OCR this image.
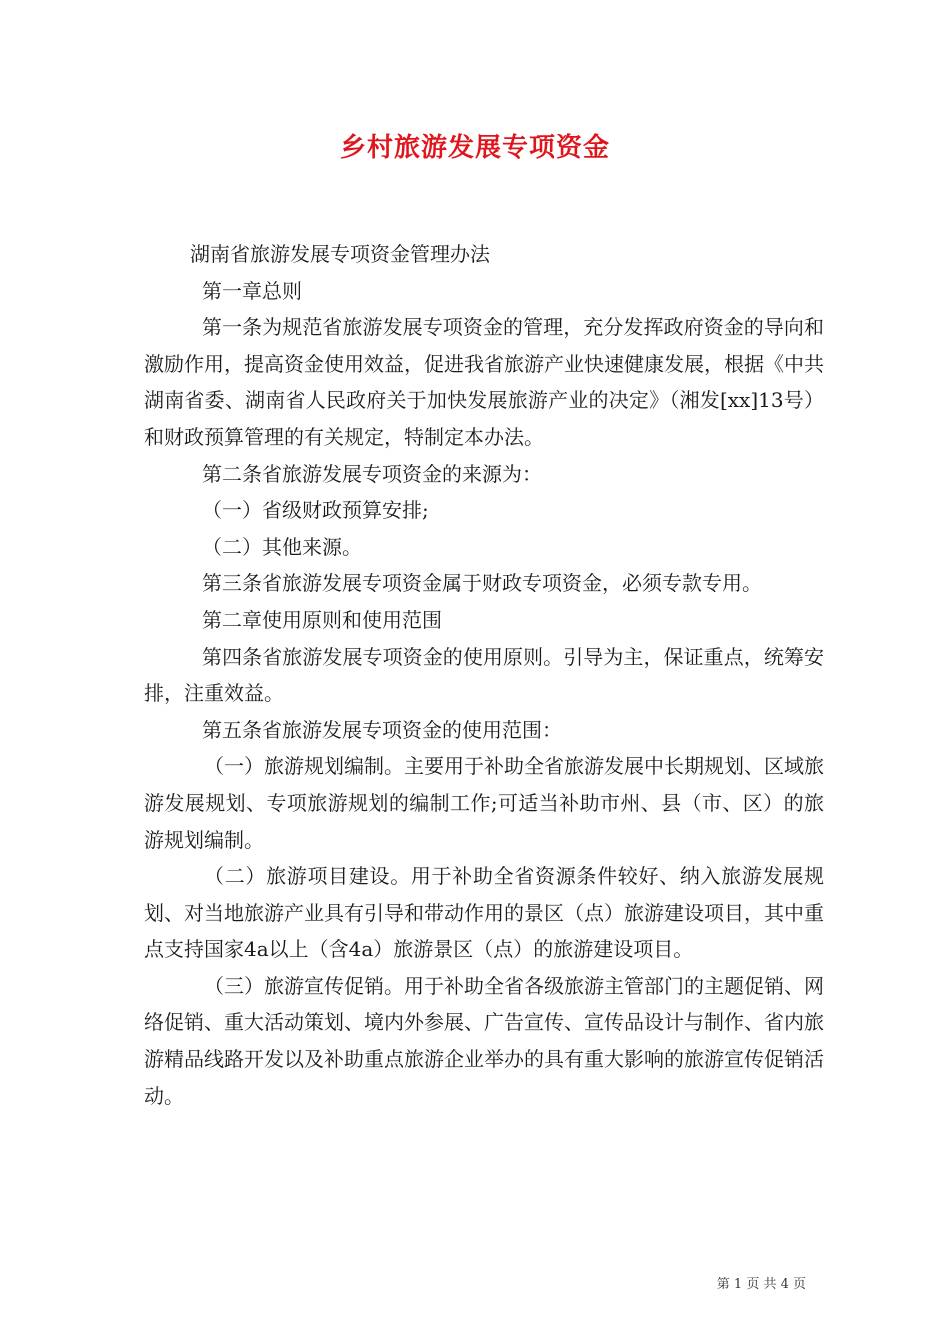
乡村旅游发展专项资金

湖南省旅游发展专项资金管理办法

第一章总则

第一条为规范省旅游发展专项资金的管理，充分发挥政府资金的导向和激励作用，提高资金使用效益，促进我省旅游产业快速健康发展，根据《中共湖南省委、湖南省人民政府关于加快发展旅游产业的决定》（湘发[xx]13号）和财政预算管理的有关规定，特制定本办法。

第二条省旅游发展专项资金的来源为：

（一）省级财政预算安排;

（二）其他来源。

第三条省旅游发展专项资金属于财政专项资金，必须专款专用。

第二章使用原则和使用范围

第四条省旅游发展专项资金的使用原则。引导为主，保证重点，统筹安排，注重效益。

第五条省旅游发展专项资金的使用范围：

（一）旅游规划编制。主要用于补助全省旅游发展中长期规划、区域旅游发展规划、专项旅游规划的编制工作;可适当补助市州、县（市、区）的旅游规划编制。

（二）旅游项目建设。用于补助全省资源条件较好、纳入旅游发展规划、对当地旅游产业具有引导和带动作用的景区（点）旅游建设项目，其中重点支持国家4a以上（含4a）旅游景区（点）的旅游建设项目。

（三）旅游宣传促销。用于补助全省各级旅游主管部门的主题促销、网络促销、重大活动策划、境内外参展、广告宣传、宣传品设计与制作、省内旅游精品线路开发以及补助重点旅游企业举办的具有重大影响的旅游宣传促销活动。

第 1 页 共 4 页
